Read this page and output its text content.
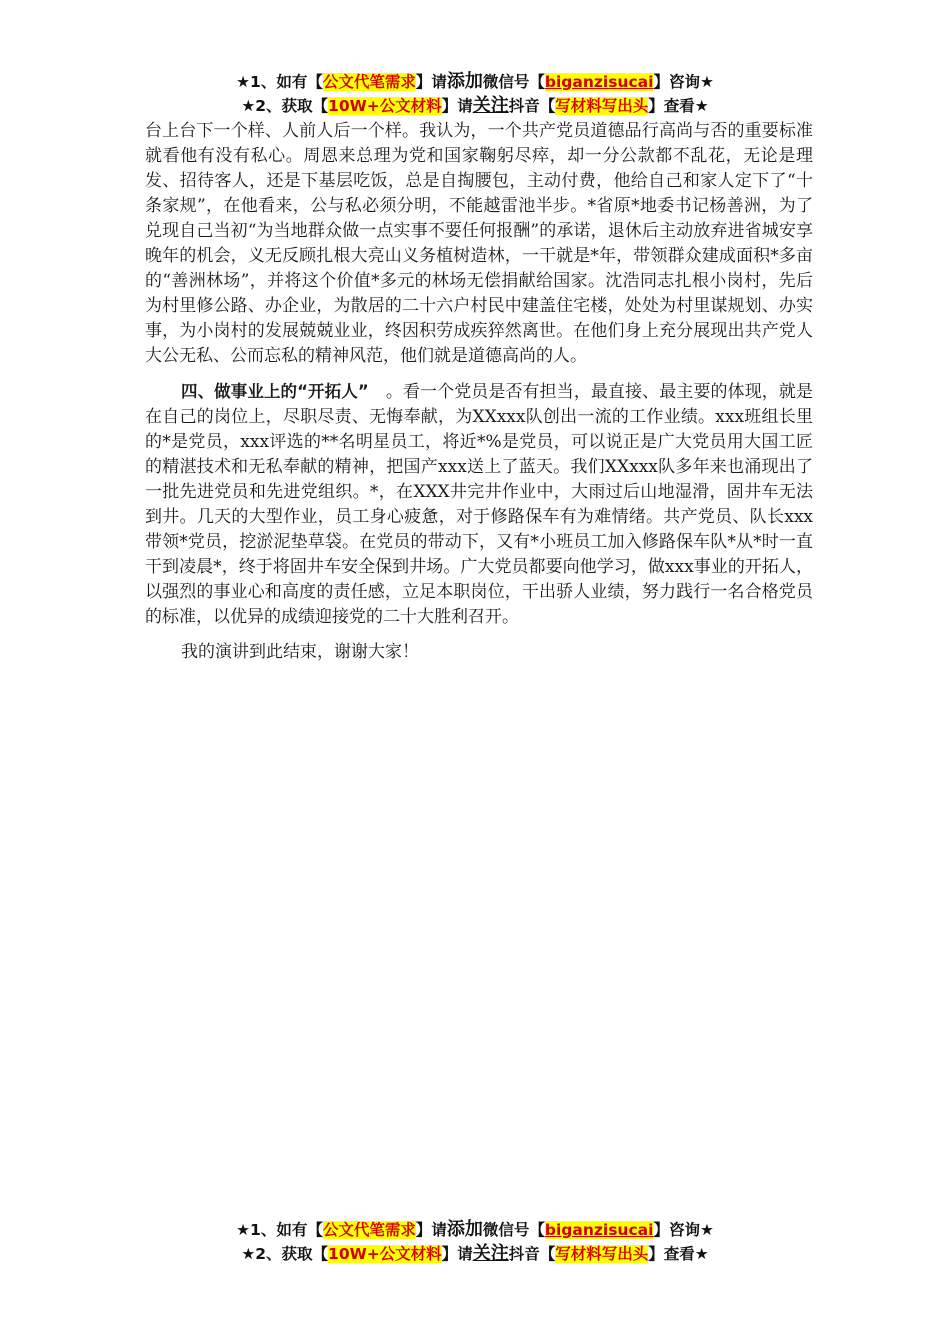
★1、如有【公文代笔需求】请添加微信号【biganzisucai】咨询★
★2、获取【10W+公文材料】请关注抖音【写材料写出头】查看★

台上台下一个样、人前人后一个样。我认为，一个共产党员道德品行高尚与否的重要标准就看他有没有私心。周恩来总理为党和国家鞠躬尽瘁，却一分公款都不乱花，无论是理发、招待客人，还是下基层吃饭，总是自掏腰包，主动付费，他给自己和家人定下了“十条家规”，在他看来，公与私必须分明，不能越雷池半步。*省原*地委书记杨善洲，为了兑现自己当初“为当地群众做一点实事不要任何报酬”的承诺，退休后主动放弃进省城安享晚年的机会，义无反顾扎根大亮山义务植树造林，一干就是*年，带领群众建成面积*多亩的“善洲林场”，并将这个价值*多元的林场无偿捐献给国家。沈浩同志扎根小岗村，先后为村里修公路、办企业，为散居的二十六户村民中建盖住宅楼，处处为村里谋规划、办实事，为小岗村的发展兢兢业业，终因积劳成疾猝然离世。在他们身上充分展现出共产党人大公无私、公而忘私的精神风范，他们就是道德高尚的人。

四、做事业上的“开拓人”　。看一个党员是否有担当，最直接、最主要的体现，就是在自己的岗位上，尽职尽责、无悔奉献，为XXxxx队创出一流的工作业绩。xxx班组长里的*是党员，xxx评选的**名明星员工，将近*%是党员，可以说正是广大党员用大国工匠的精湛技术和无私奉献的精神，把国产xxx送上了蓝天。我们XXxxx队多年来也涌现出了一批先进党员和先进党组织。*，在XXX井完井作业中，大雨过后山地湿滑，固井车无法到井。几天的大型作业，员工身心疲惫，对于修路保车有为难情绪。共产党员、队长xxx带领*党员，挖淤泥垫草袋。在党员的带动下，又有*小班员工加入修路保车队*从*时一直干到凌晨*，终于将固井车安全保到井场。广大党员都要向他学习，做xxx事业的开拓人，以强烈的事业心和高度的责任感，立足本职岗位，干出骄人业绩，努力践行一名合格党员的标准，以优异的成绩迎接党的二十大胜利召开。

我的演讲到此结束，谢谢大家！

★1、如有【公文代笔需求】请添加微信号【biganzisucai】咨询★
★2、获取【10W+公文材料】请关注抖音【写材料写出头】查看★
